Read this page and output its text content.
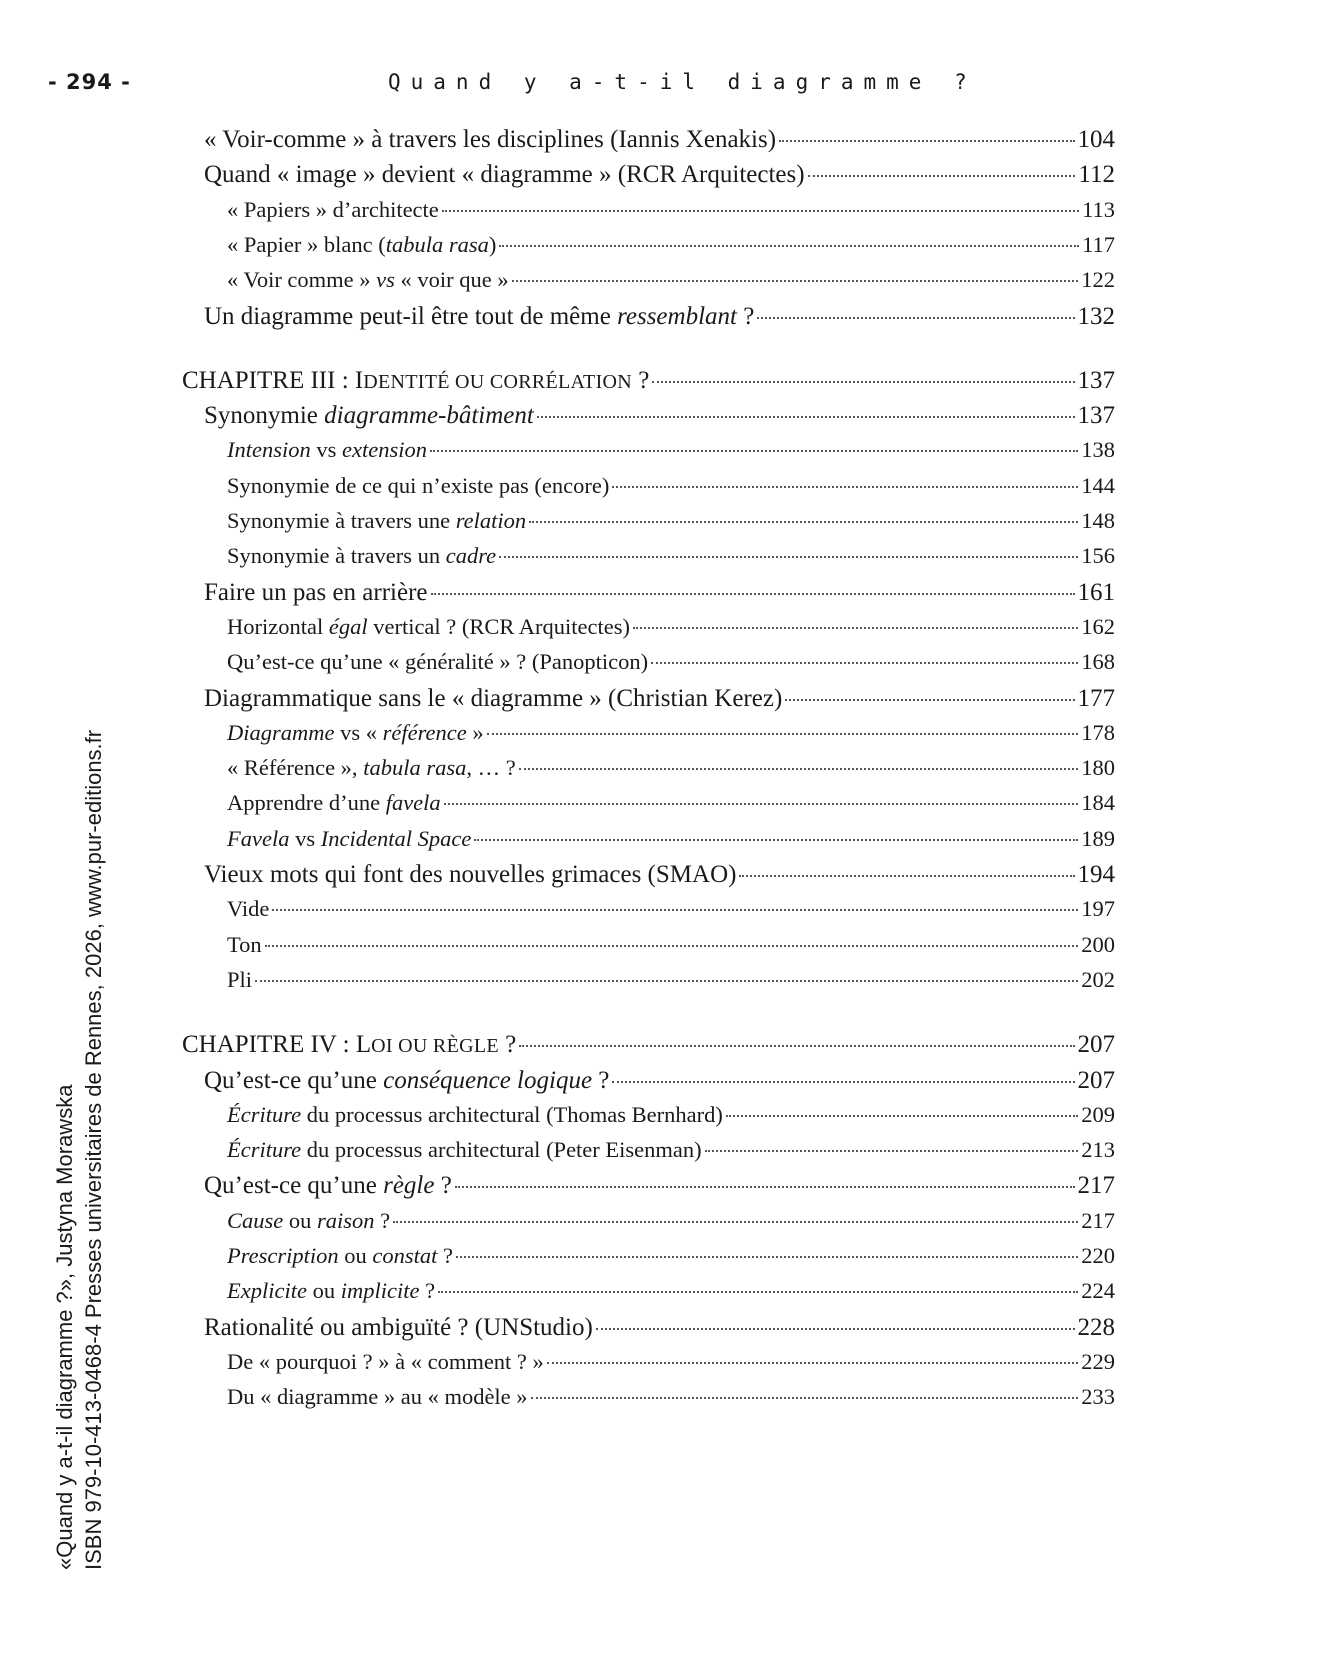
- 294 -	Quand y a-t-il diagramme ?
« Voir-comme » à travers les disciplines (Iannis Xenakis)	104
Quand « image » devient « diagramme » (RCR Arquitectes)	112
« Papiers » d’architecte	113
« Papier » blanc (tabula rasa)	117
« Voir comme » vs « voir que »	122
Un diagramme peut-il être tout de même ressemblant ?	132
CHAPITRE III : IDENTITÉ OU CORRÉLATION ?	137
Synonymie diagramme-bâtiment	137
Intension vs extension	138
Synonymie de ce qui n’existe pas (encore)	144
Synonymie à travers une relation	148
Synonymie à travers un cadre	156
Faire un pas en arrière	161
Horizontal égal vertical ? (RCR Arquitectes)	162
Qu’est-ce qu’une « généralité » ? (Panopticon)	168
Diagrammatique sans le « diagramme » (Christian Kerez)	177
Diagramme vs « référence »	178
« Référence », tabula rasa, … ?	180
Apprendre d’une favela	184
Favela vs Incidental Space	189
Vieux mots qui font des nouvelles grimaces (SMAO)	194
Vide	197
Ton	200
Pli	202
CHAPITRE IV : LOI OU RÈGLE ?	207
Qu’est-ce qu’une conséquence logique ?	207
Écriture du processus architectural (Thomas Bernhard)	209
Écriture du processus architectural (Peter Eisenman)	213
Qu’est-ce qu’une règle ?	217
Cause ou raison ?	217
Prescription ou constat ?	220
Explicite ou implicite ?	224
Rationalité ou ambiguïté ? (UNStudio)	228
De « pourquoi ? » à « comment ? »	229
Du « diagramme » au « modèle »	233
«Quand y a-t-il diagramme ?», Justyna Morawska ISBN 979-10-413-0468-4 Presses universitaires de Rennes, 2026, www.pur-editions.fr
